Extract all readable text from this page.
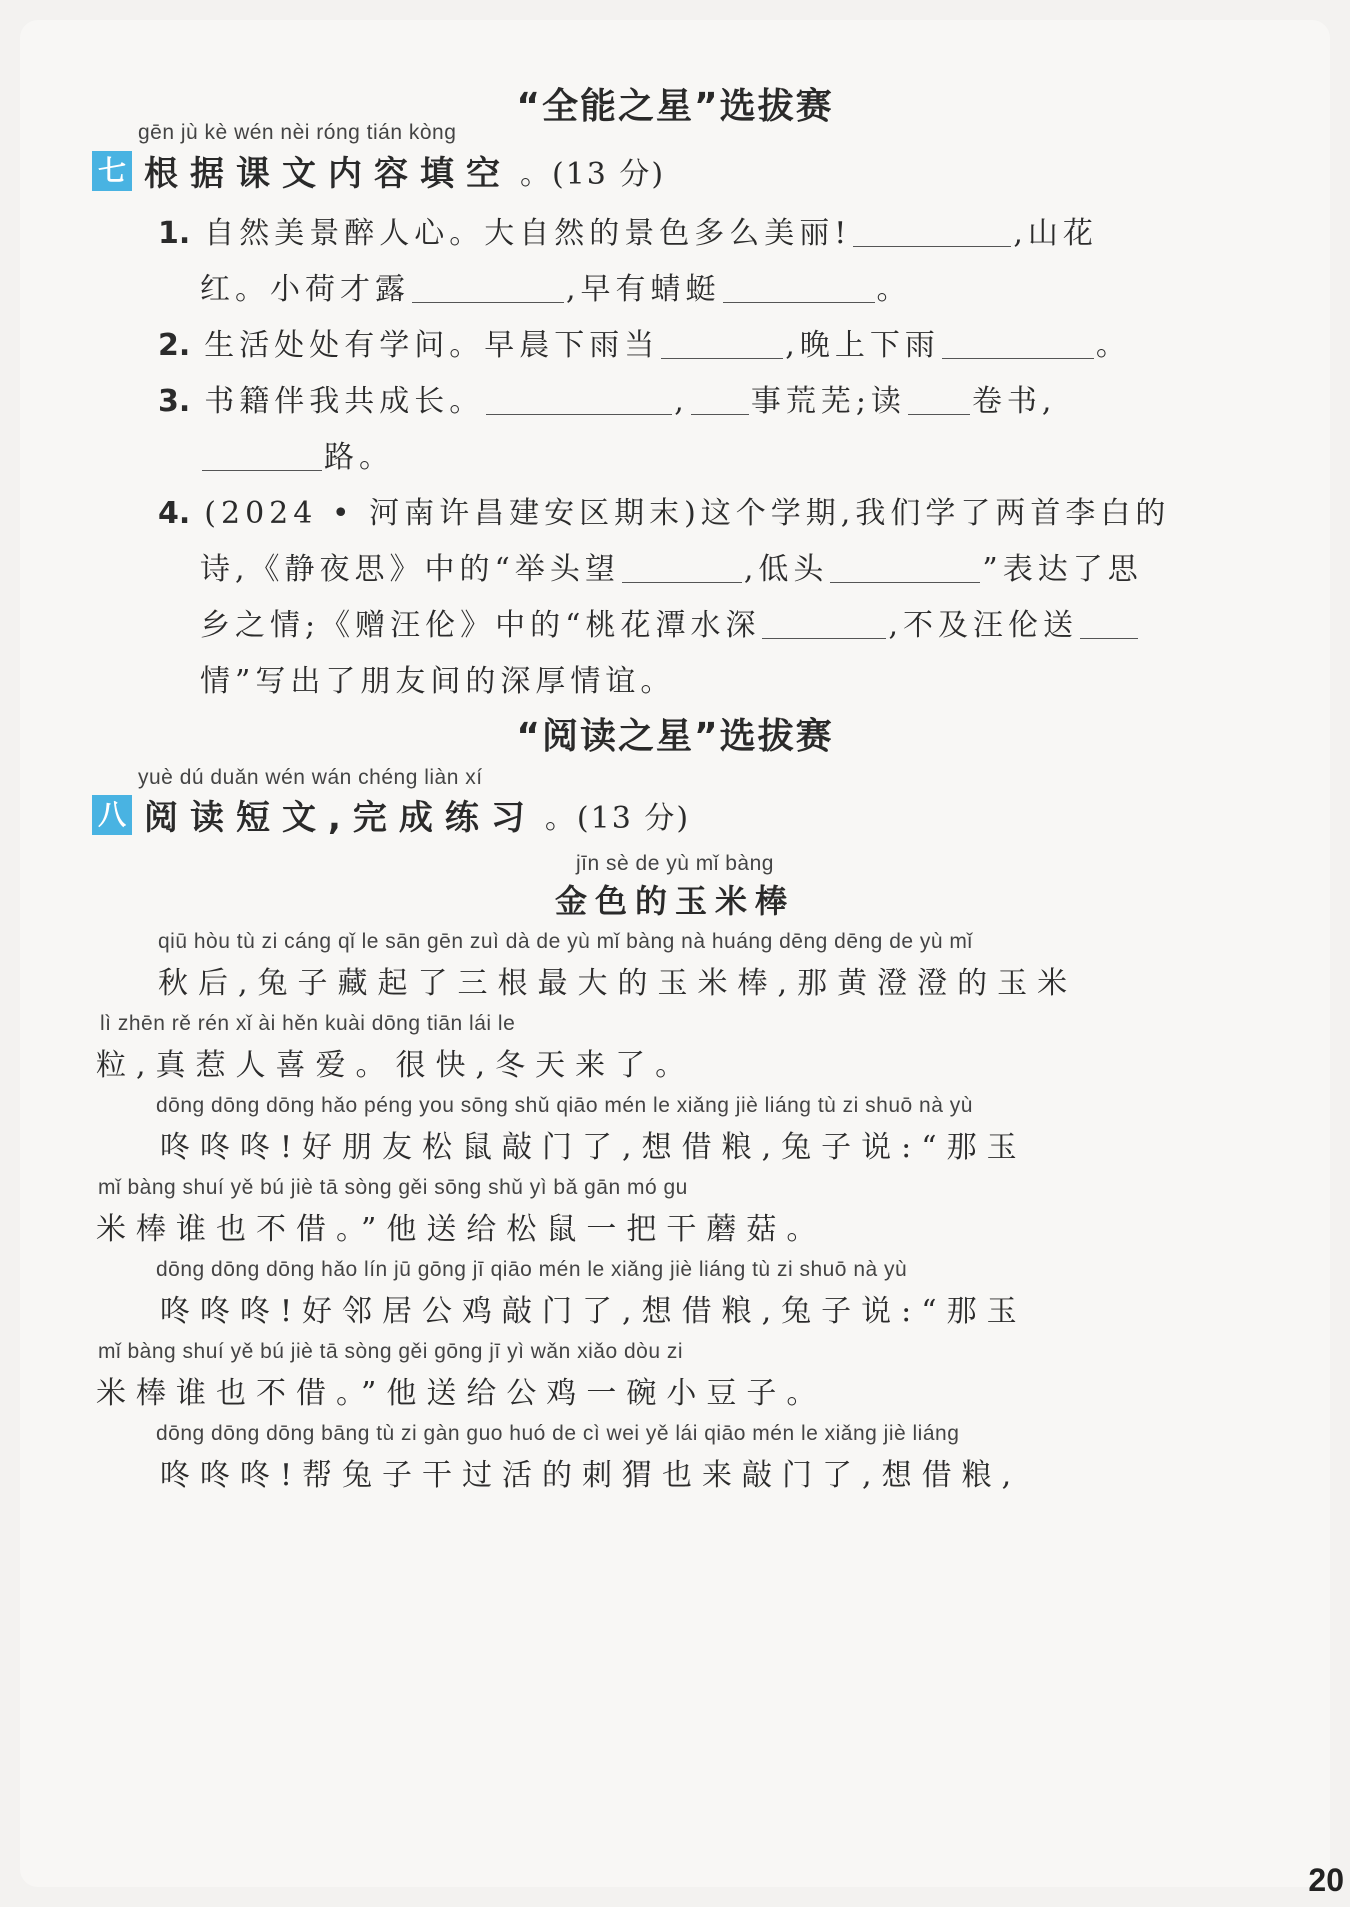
“全能之星”选拔赛
gēn jù kè wén nèi róng tián kòng
七 根据课文内容填空 。(13 分)
1. 自然美景醉人心。大自然的景色多么美丽!	,山花
红。小荷才露	,早有蜻蜓	。
2. 生活处处有学问。早晨下雨当	,晚上下雨	。
3. 书籍伴我共成长。	, 事荒芜;读 卷书,
路。
4. (2024 • 河南许昌建安区期末)这个学期,我们学了两首李白的
诗,《静夜思》中的“举头望	,低头	”表达了思
乡之情;《赠汪伦》中的“桃花潭水深	,不及汪伦送
情”写出了朋友间的深厚情谊。
“阅读之星”选拔赛
yuè dú duǎn wén wán chéng liàn xí
八 阅读短文,完成练习 。(13 分)
jīn sè de yù mǐ bàng
金色的玉米棒
qiū hòu tù zi cáng qǐ le sān gēn zuì dà de yù mǐ bàng nà huáng dēng dēng de yù mǐ
秋后,兔子藏起了三根最大的玉米棒,那黄澄澄的玉米
lì zhēn rě rén xǐ ài hěn kuài dōng tiān lái le
粒,真惹人喜爱。很快,冬天来了。
dōng dōng dōng hǎo péng you sōng shǔ qiāo mén le xiǎng jiè liáng tù zi shuō nà yù
咚咚咚!好朋友松鼠敲门了,想借粮,兔子说:“那玉
mǐ bàng shuí yě bú jiè tā sòng gěi sōng shǔ yì bǎ gān mó gu
米棒谁也不借。”他送给松鼠一把干蘑菇。
dōng dōng dōng hǎo lín jū gōng jī qiāo mén le xiǎng jiè liáng tù zi shuō nà yù
咚咚咚!好邻居公鸡敲门了,想借粮,兔子说:“那玉
mǐ bàng shuí yě bú jiè tā sòng gěi gōng jī yì wǎn xiǎo dòu zi
米棒谁也不借。”他送给公鸡一碗小豆子。
dōng dōng dōng bāng tù zi gàn guo huó de cì wei yě lái qiāo mén le xiǎng jiè liáng
咚咚咚!帮兔子干过活的刺猬也来敲门了,想借粮,
20
